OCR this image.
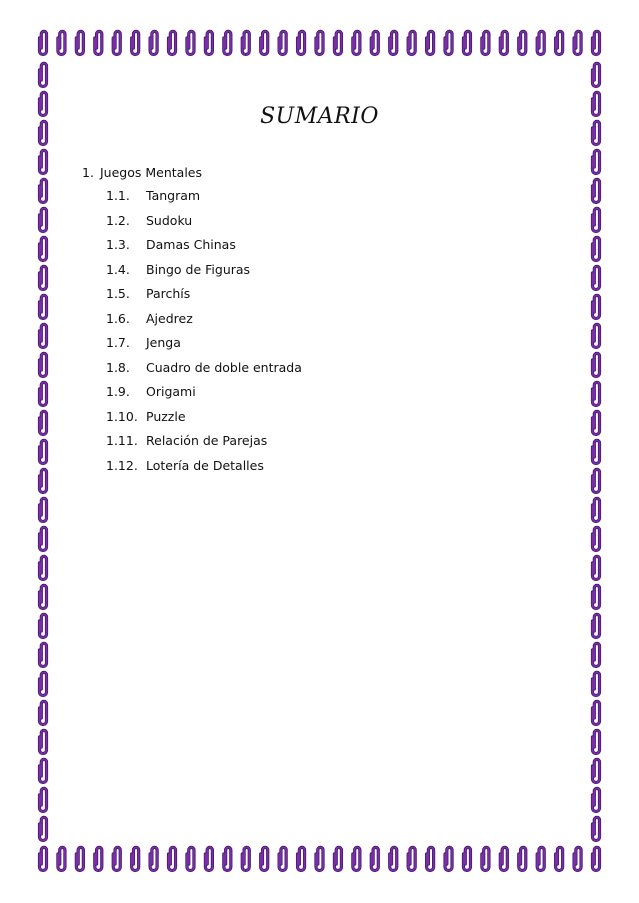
SUMARIO
1. Juegos Mentales
1.1.	Tangram
1.2.	Sudoku
1.3.	Damas Chinas
1.4.	Bingo de Figuras
1.5.	Parchís
1.6.	Ajedrez
1.7.	Jenga
1.8.	Cuadro de doble entrada
1.9.	Origami
1.10. Puzzle
1.11. Relación de Parejas
1.12. Lotería de Detalles
